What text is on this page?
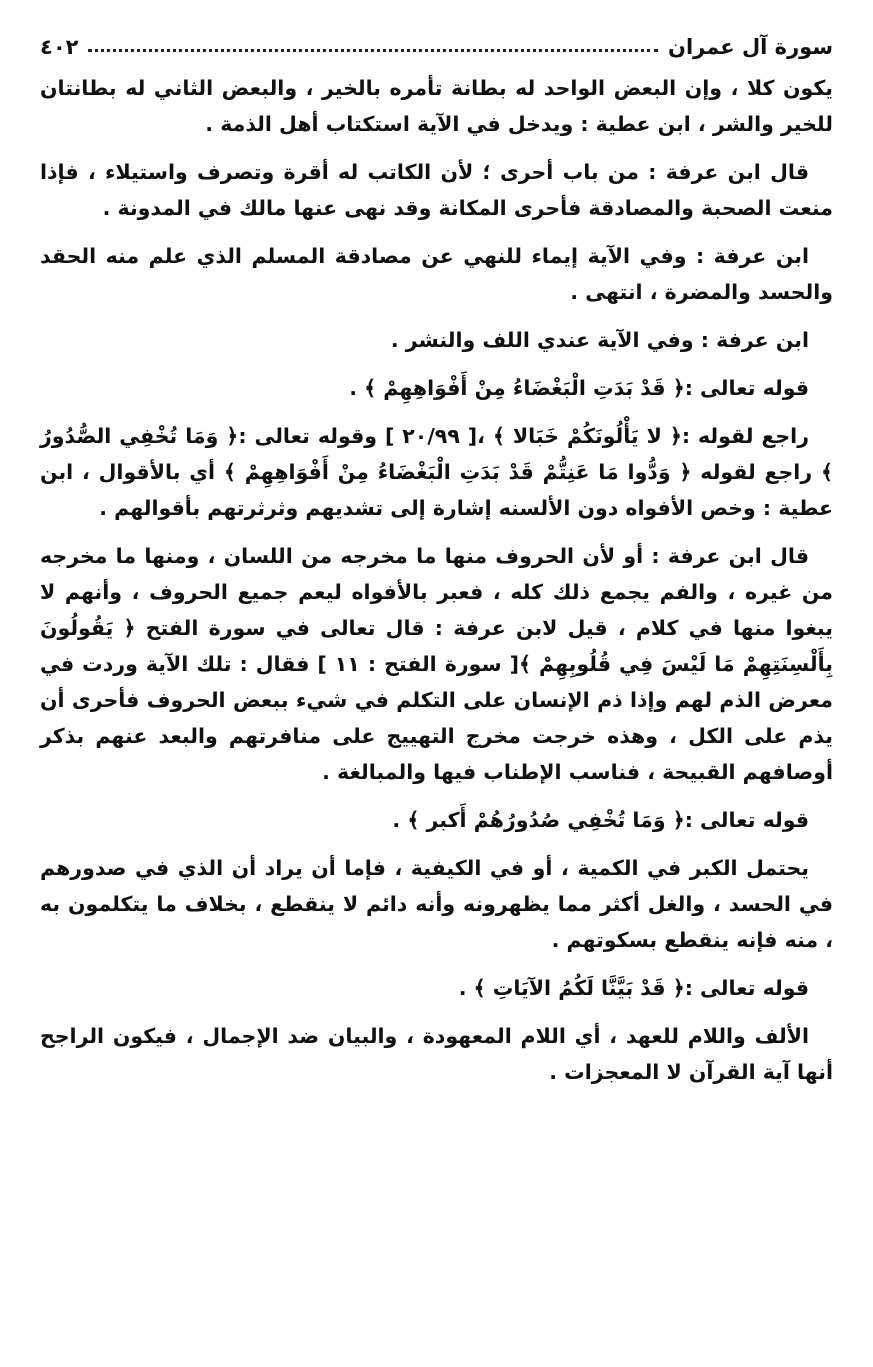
سورة آل عمران
٤٠٢

يكون كلا ، وإن البعض الواحد له بطانة تأمره بالخير ، والبعض الثاني له بطانتان للخير والشر ، ابن عطية : ويدخل في الآية استكتاب أهل الذمة .

قال ابن عرفة : من باب أحرى ؛ لأن الكاتب له أقرة وتصرف واستيلاء ، فإذا منعت الصحبة والمصادقة فأحرى المكانة وقد نهى عنها مالك في المدونة .

ابن عرفة : وفي الآية إيماء للنهي عن مصادقة المسلم الذي علم منه الحقد والحسد والمضرة ، انتهى .

ابن عرفة : وفي الآية عندي اللف والنشر .

قوله تعالى :﴿ قَدْ بَدَتِ الْبَغْضَاءُ مِنْ أَفْوَاهِهِمْ ﴾ .

راجع لقوله :﴿ لا يَأْلُونَكُمْ خَبَالا ﴾ ،[ ٢٠/٩٩ ] وقوله تعالى :﴿ وَمَا تُخْفِي الصُّدُورُ ﴾ راجع لقوله ﴿ وَدُّوا مَا عَنِتُّمْ قَدْ بَدَتِ الْبَغْضَاءُ مِنْ أَفْوَاهِهِمْ ﴾ أي بالأقوال ، ابن عطية : وخص الأفواه دون الألسنه إشارة إلى تشديهم وثرثرتهم بأقوالهم .

قال ابن عرفة : أو لأن الحروف منها ما مخرجه من اللسان ، ومنها ما مخرجه من غيره ، والفم يجمع ذلك كله ، فعبر بالأفواه ليعم جميع الحروف ، وأنهم لا يبغوا منها في كلام ، قيل لابن عرفة : قال تعالى في سورة الفتح ﴿ يَقُولُونَ بِأَلْسِنَتِهِمْ مَا لَيْسَ فِي قُلُوبِهِمْ ﴾[ سورة الفتح : ١١ ] فقال : تلك الآية وردت في معرض الذم لهم وإذا ذم الإنسان على التكلم في شيء ببعض الحروف فأحرى أن يذم على الكل ، وهذه خرجت مخرج التهييج على منافرتهم والبعد عنهم بذكر أوصافهم القبيحة ، فناسب الإطناب فيها والمبالغة .

قوله تعالى :﴿ وَمَا تُخْفِي صُدُورُهُمْ أَكبر ﴾ .

يحتمل الكبر في الكمية ، أو في الكيفية ، فإما أن يراد أن الذي في صدورهم في الحسد ، والغل أكثر مما يظهرونه وأنه دائم لا ينقطع ، بخلاف ما يتكلمون به ، منه فإنه ينقطع بسكوتهم .

قوله تعالى :﴿ قَدْ بَيَّنَّا لَكُمُ الآيَاتِ ﴾ .

الألف واللام للعهد ، أي اللام المعهودة ، والبيان ضد الإجمال ، فيكون الراجح أنها آية القرآن لا المعجزات .
